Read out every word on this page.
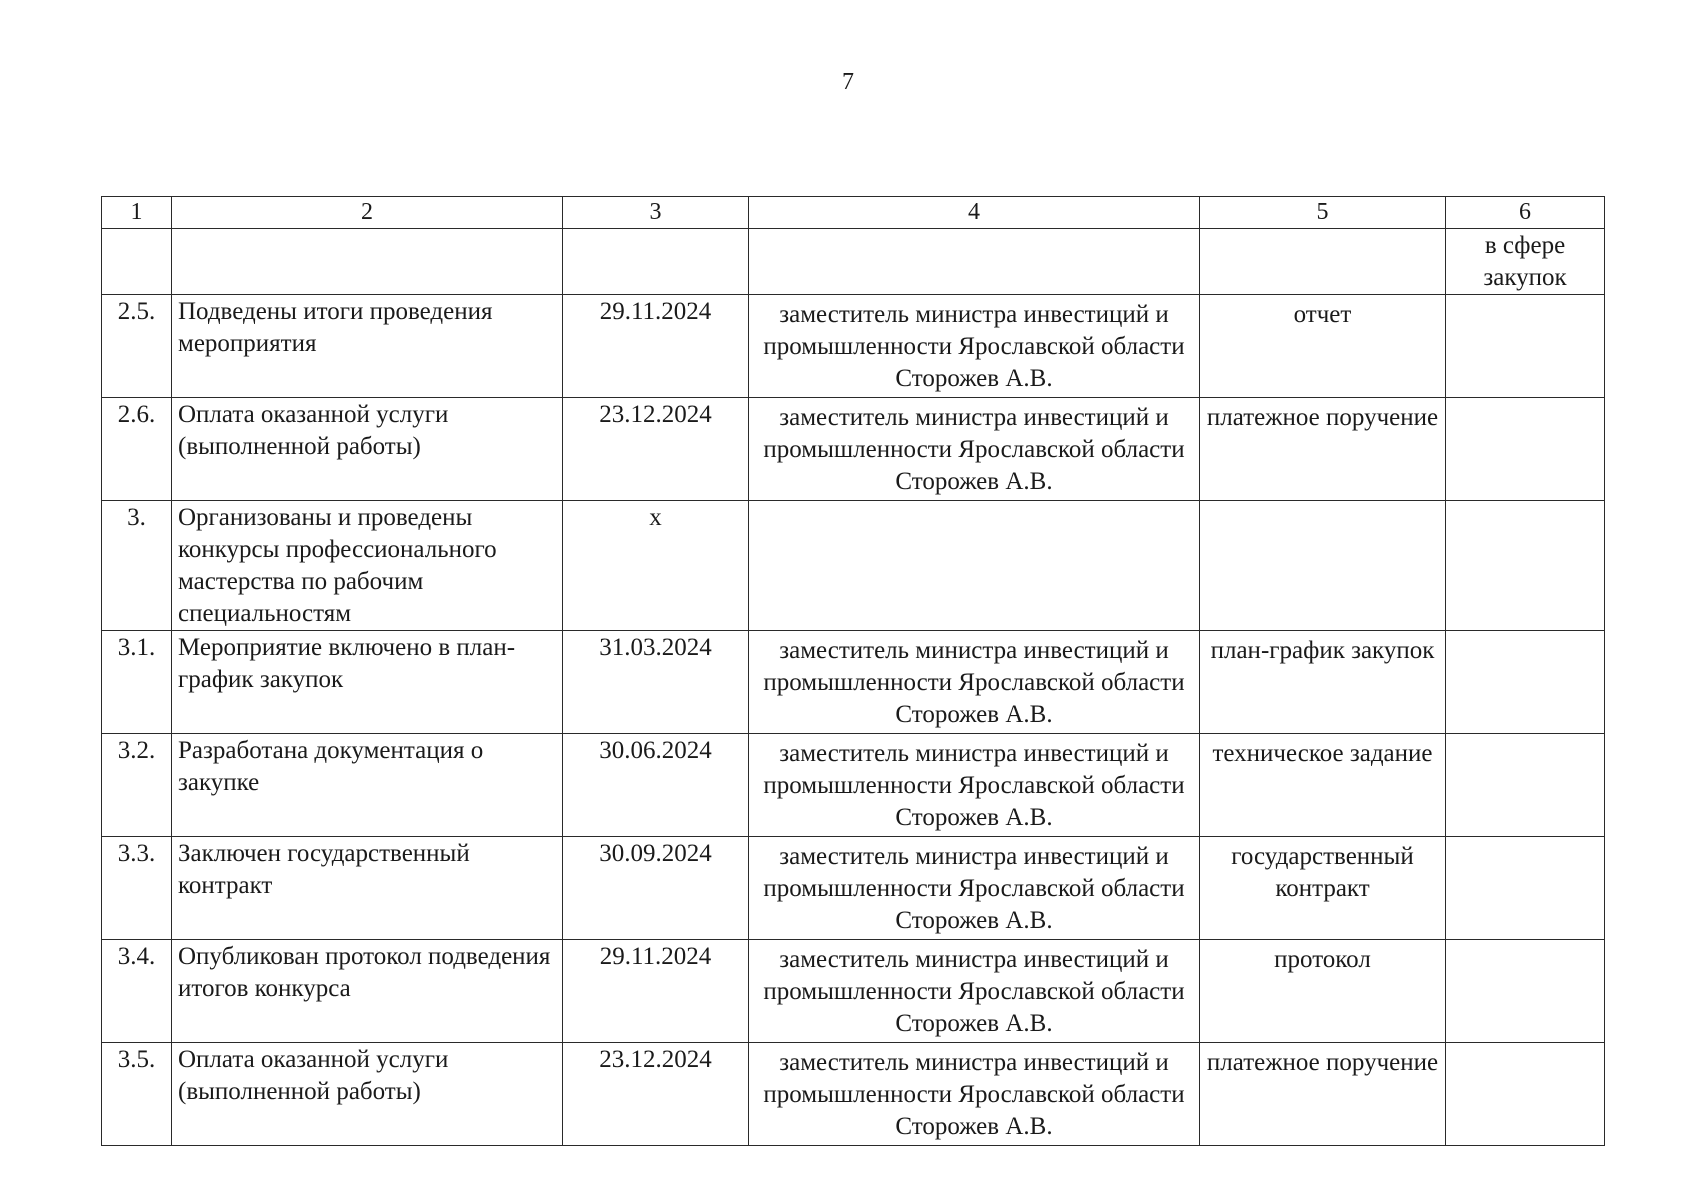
7
1	2	3	4	5	6
					в сфере закупок
2.5.	Подведены итоги проведения мероприятия	29.11.2024	заместитель министра инвестиций и промышленности Ярославской области Сторожев А.В.	отчет	
2.6.	Оплата оказанной услуги (выполненной работы)	23.12.2024	заместитель министра инвестиций и промышленности Ярославской области Сторожев А.В.	платежное поручение	
3.	Организованы и проведены конкурсы профессионального мастерства по рабочим специальностям	х			
3.1.	Мероприятие включено в план-график закупок	31.03.2024	заместитель министра инвестиций и промышленности Ярославской области Сторожев А.В.	план-график закупок	
3.2.	Разработана документация о закупке	30.06.2024	заместитель министра инвестиций и промышленности Ярославской области Сторожев А.В.	техническое задание	
3.3.	Заключен государственный контракт	30.09.2024	заместитель министра инвестиций и промышленности Ярославской области Сторожев А.В.	государственный контракт	
3.4.	Опубликован протокол подведения итогов конкурса	29.11.2024	заместитель министра инвестиций и промышленности Ярославской области Сторожев А.В.	протокол	
3.5.	Оплата оказанной услуги (выполненной работы)	23.12.2024	заместитель министра инвестиций и промышленности Ярославской области Сторожев А.В.	платежное поручение	
